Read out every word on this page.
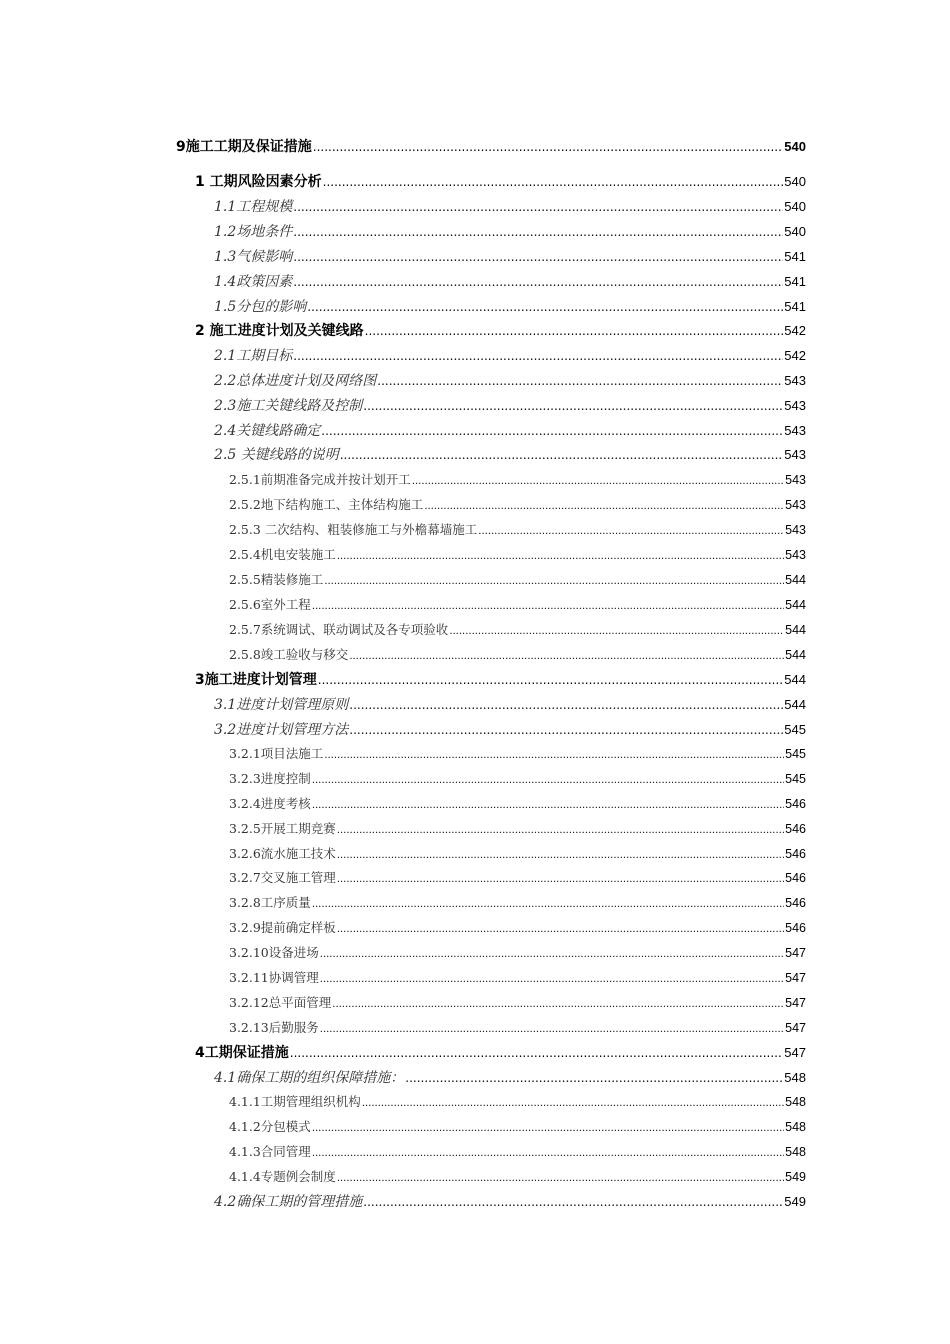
9施工工期及保证措施 .....	540
1 工期风险因素分析 .....	540
1.1工程规模 .....	540
1.2场地条件 .....	540
1.3气候影响 .....	541
1.4政策因素 .....	541
1.5分包的影响 .....	541
2 施工进度计划及关键线路 .....	542
2.1工期目标 .....	542
2.2总体进度计划及网络图 .....	543
2.3施工关键线路及控制 .....	543
2.4关键线路确定 .....	543
2.5 关键线路的说明 .....	543
2.5.1前期准备完成并按计划开工 .....	543
2.5.2地下结构施工、主体结构施工 .....	543
2.5.3 二次结构、粗装修施工与外檐幕墙施工 .....	543
2.5.4机电安装施工 .....	543
2.5.5精装修施工 .....	544
2.5.6室外工程 .....	544
2.5.7系统调试、联动调试及各专项验收 .....	544
2.5.8竣工验收与移交 .....	544
3施工进度计划管理 .....	544
3.1进度计划管理原则 .....	544
3.2进度计划管理方法 .....	545
3.2.1项目法施工 .....	545
3.2.3进度控制 .....	545
3.2.4进度考核 .....	546
3.2.5开展工期竞赛 .....	546
3.2.6流水施工技术 .....	546
3.2.7交叉施工管理 .....	546
3.2.8工序质量 .....	546
3.2.9提前确定样板 .....	546
3.2.10设备进场 .....	547
3.2.11协调管理 .....	547
3.2.12总平面管理 .....	547
3.2.13后勤服务 .....	547
4工期保证措施 .....	547
4.1确保工期的组织保障措施： .....	548
4.1.1工期管理组织机构 .....	548
4.1.2分包模式 .....	548
4.1.3合同管理 .....	548
4.1.4专题例会制度 .....	549
4.2确保工期的管理措施 .....	549
